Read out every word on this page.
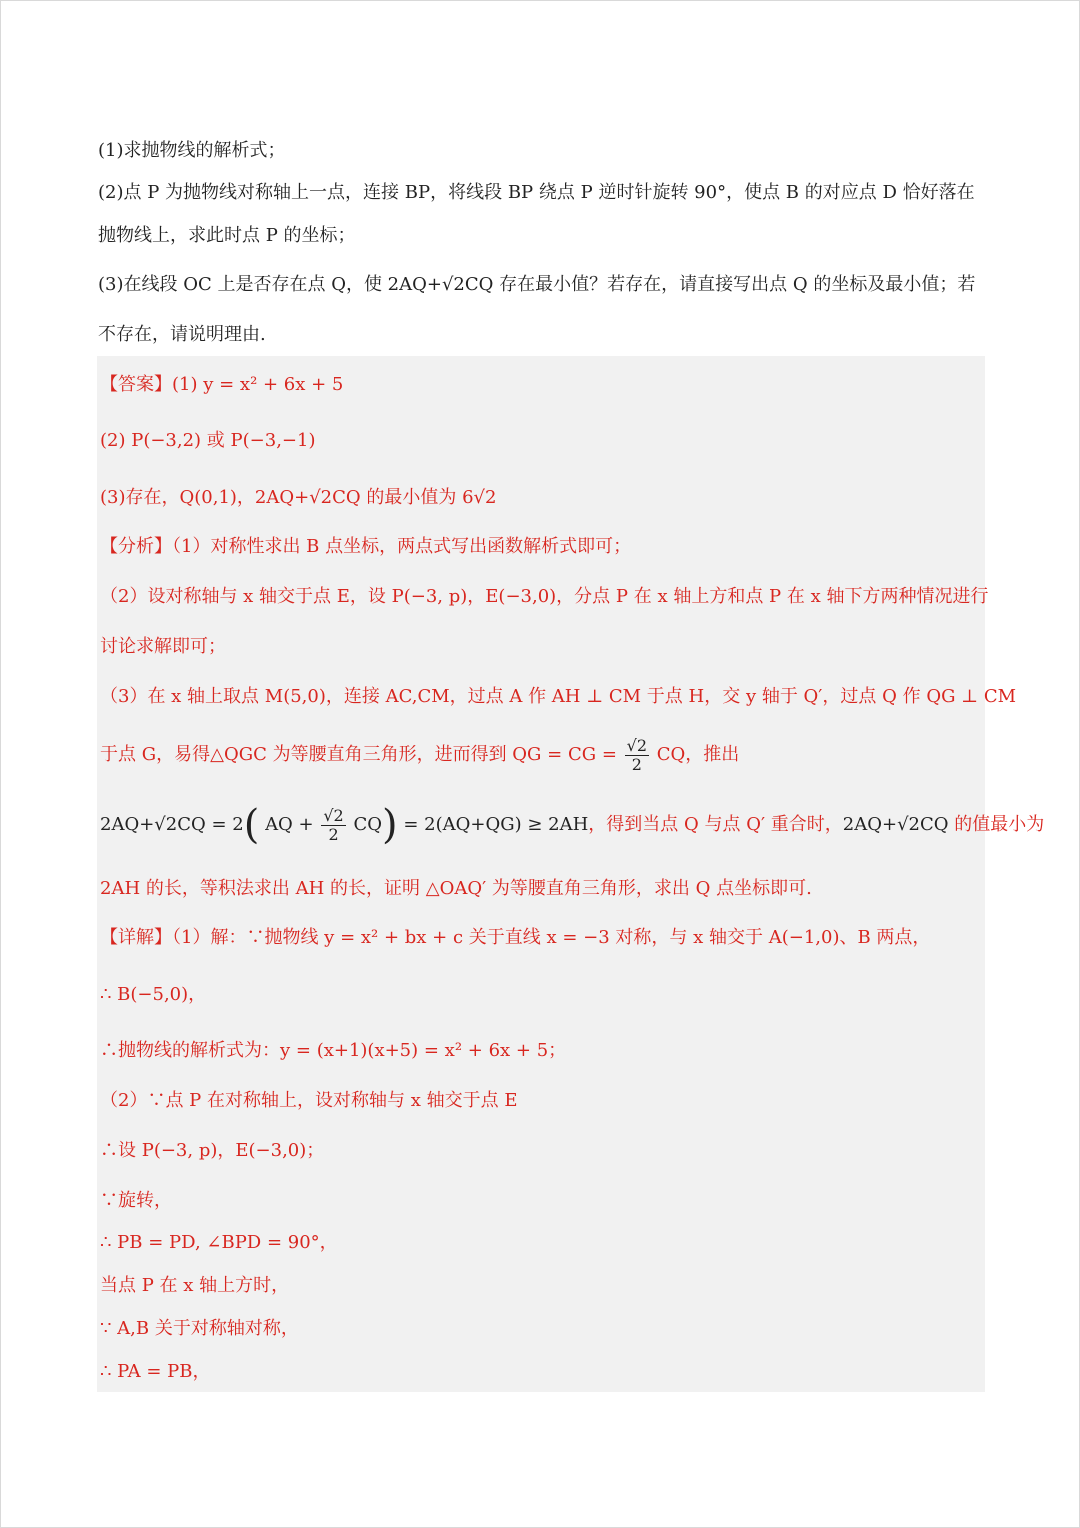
(1)求抛物线的解析式；
(2)点 P 为抛物线对称轴上一点，连接 BP，将线段 BP 绕点 P 逆时针旋转 90°，使点 B 的对应点 D 恰好落在
抛物线上，求此时点 P 的坐标；
(3)在线段 OC 上是否存在点 Q，使 2AQ+√2CQ 存在最小值？若存在，请直接写出点 Q 的坐标及最小值；若
不存在，请说明理由.
【答案】(1) y = x² + 6x + 5
(2) P(−3,2) 或 P(−3,−1)
(3)存在，Q(0,1)，2AQ+√2CQ 的最小值为 6√2
【分析】（1）对称性求出 B 点坐标，两点式写出函数解析式即可；
（2）设对称轴与 x 轴交于点 E，设 P(−3, p)，E(−3,0)，分点 P 在 x 轴上方和点 P 在 x 轴下方两种情况进行
讨论求解即可；
（3）在 x 轴上取点 M(5,0)，连接 AC,CM，过点 A 作 AH ⊥ CM 于点 H，交 y 轴于 Q′，过点 Q 作 QG ⊥ CM
于点 G，易得△QGC 为等腰直角三角形，进而得到 QG = CG = $\frac{√2}{2}$ CQ，推出
2AQ+√2CQ = 2( AQ + $\frac{√2}{2} CQ) = 2(AQ+QG) \ge 2AH$，得到当点 Q 与点 Q′ 重合时，2AQ+√2CQ 的值最小为
2AH 的长，等积法求出 AH 的长，证明 △OAQ′ 为等腰直角三角形，求出 Q 点坐标即可.
【详解】（1）解：∵抛物线 y = x² + bx + c 关于直线 x = −3 对称，与 x 轴交于 A(−1,0)、B 两点，
∴ B(−5,0)，
∴抛物线的解析式为：y = (x+1)(x+5) = x² + 6x + 5；
（2）∵点 P 在对称轴上，设对称轴与 x 轴交于点 E
∴设 P(−3, p)，E(−3,0)；
∵旋转，
∴ PB = PD, ∠BPD = 90°，
当点 P 在 x 轴上方时，
∵ A,B 关于对称轴对称，
∴ PA = PB，
